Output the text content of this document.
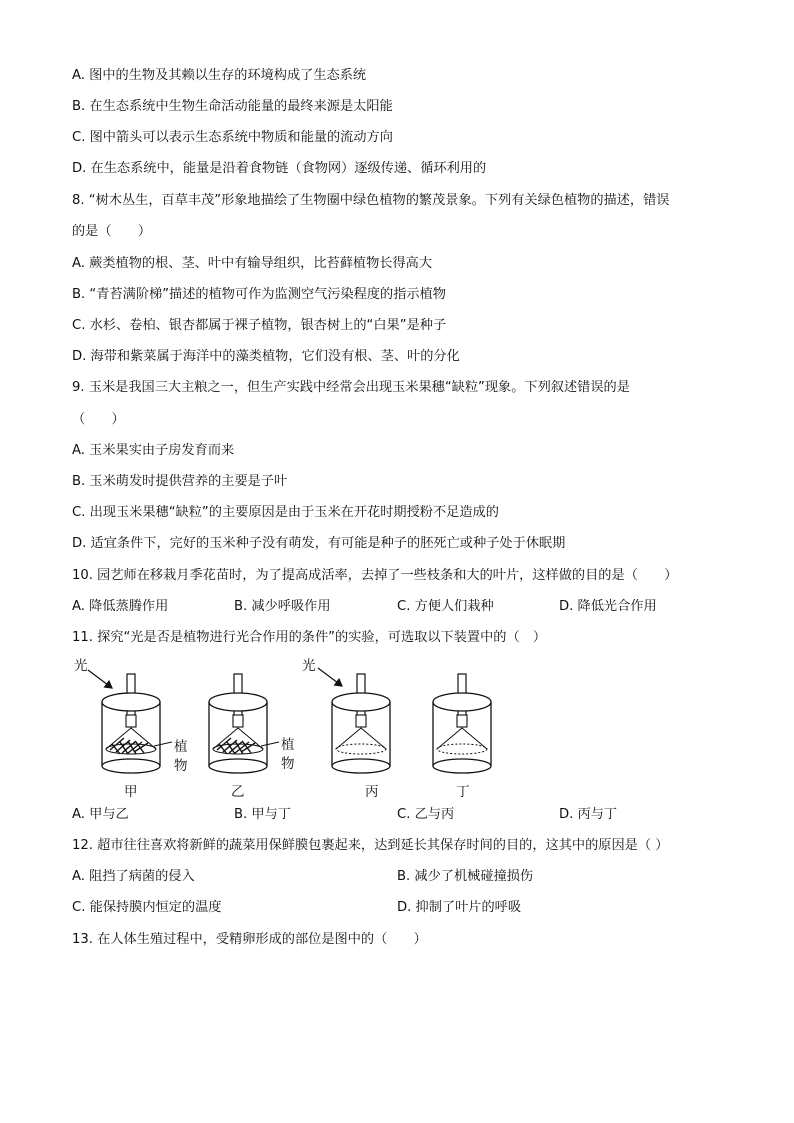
A. 图中的生物及其赖以生存的环境构成了生态系统
B. 在生态系统中生物生命活动能量的最终来源是太阳能
C. 图中箭头可以表示生态系统中物质和能量的流动方向
D. 在生态系统中，能量是沿着食物链（食物网）逐级传递、循环利用的
8. “树木丛生，百草丰茂”形象地描绘了生物圈中绿色植物的繁茂景象。下列有关绿色植物的描述，错误
的是（　　）
A. 蕨类植物的根、茎、叶中有输导组织，比苔藓植物长得高大
B. “青苔满阶梯”描述的植物可作为监测空气污染程度的指示植物
C. 水杉、卷柏、银杏都属于裸子植物，银杏树上的“白果”是种子
D. 海带和紫菜属于海洋中的藻类植物，它们没有根、茎、叶的分化
9. 玉米是我国三大主粮之一，但生产实践中经常会出现玉米果穗“缺粒”现象。下列叙述错误的是
（　　）
A. 玉米果实由子房发育而来
B. 玉米萌发时提供营养的主要是子叶
C. 出现玉米果穗“缺粒”的主要原因是由于玉米在开花时期授粉不足造成的
D. 适宜条件下，完好的玉米种子没有萌发，有可能是种子的胚死亡或种子处于休眠期
10. 园艺师在移栽月季花苗时，为了提高成活率，去掉了一些枝条和大的叶片，这样做的目的是（　　）
A. 降低蒸腾作用	B. 减少呼吸作用	C. 方便人们栽种	D. 降低光合作用
11. 探究“光是否是植物进行光合作用的条件”的实验，可选取以下装置中的（　）
光	光
植
物
植
物
甲	乙	丙	丁
A. 甲与乙	B. 甲与丁	C. 乙与丙	D. 丙与丁
12. 超市往往喜欢将新鲜的蔬菜用保鲜膜包裹起来，达到延长其保存时间的目的，这其中的原因是（ ）
A. 阻挡了病菌的侵入	B. 减少了机械碰撞损伤
C. 能保持膜内恒定的温度	D. 抑制了叶片的呼吸
13. 在人体生殖过程中，受精卵形成的部位是图中的（　　）
